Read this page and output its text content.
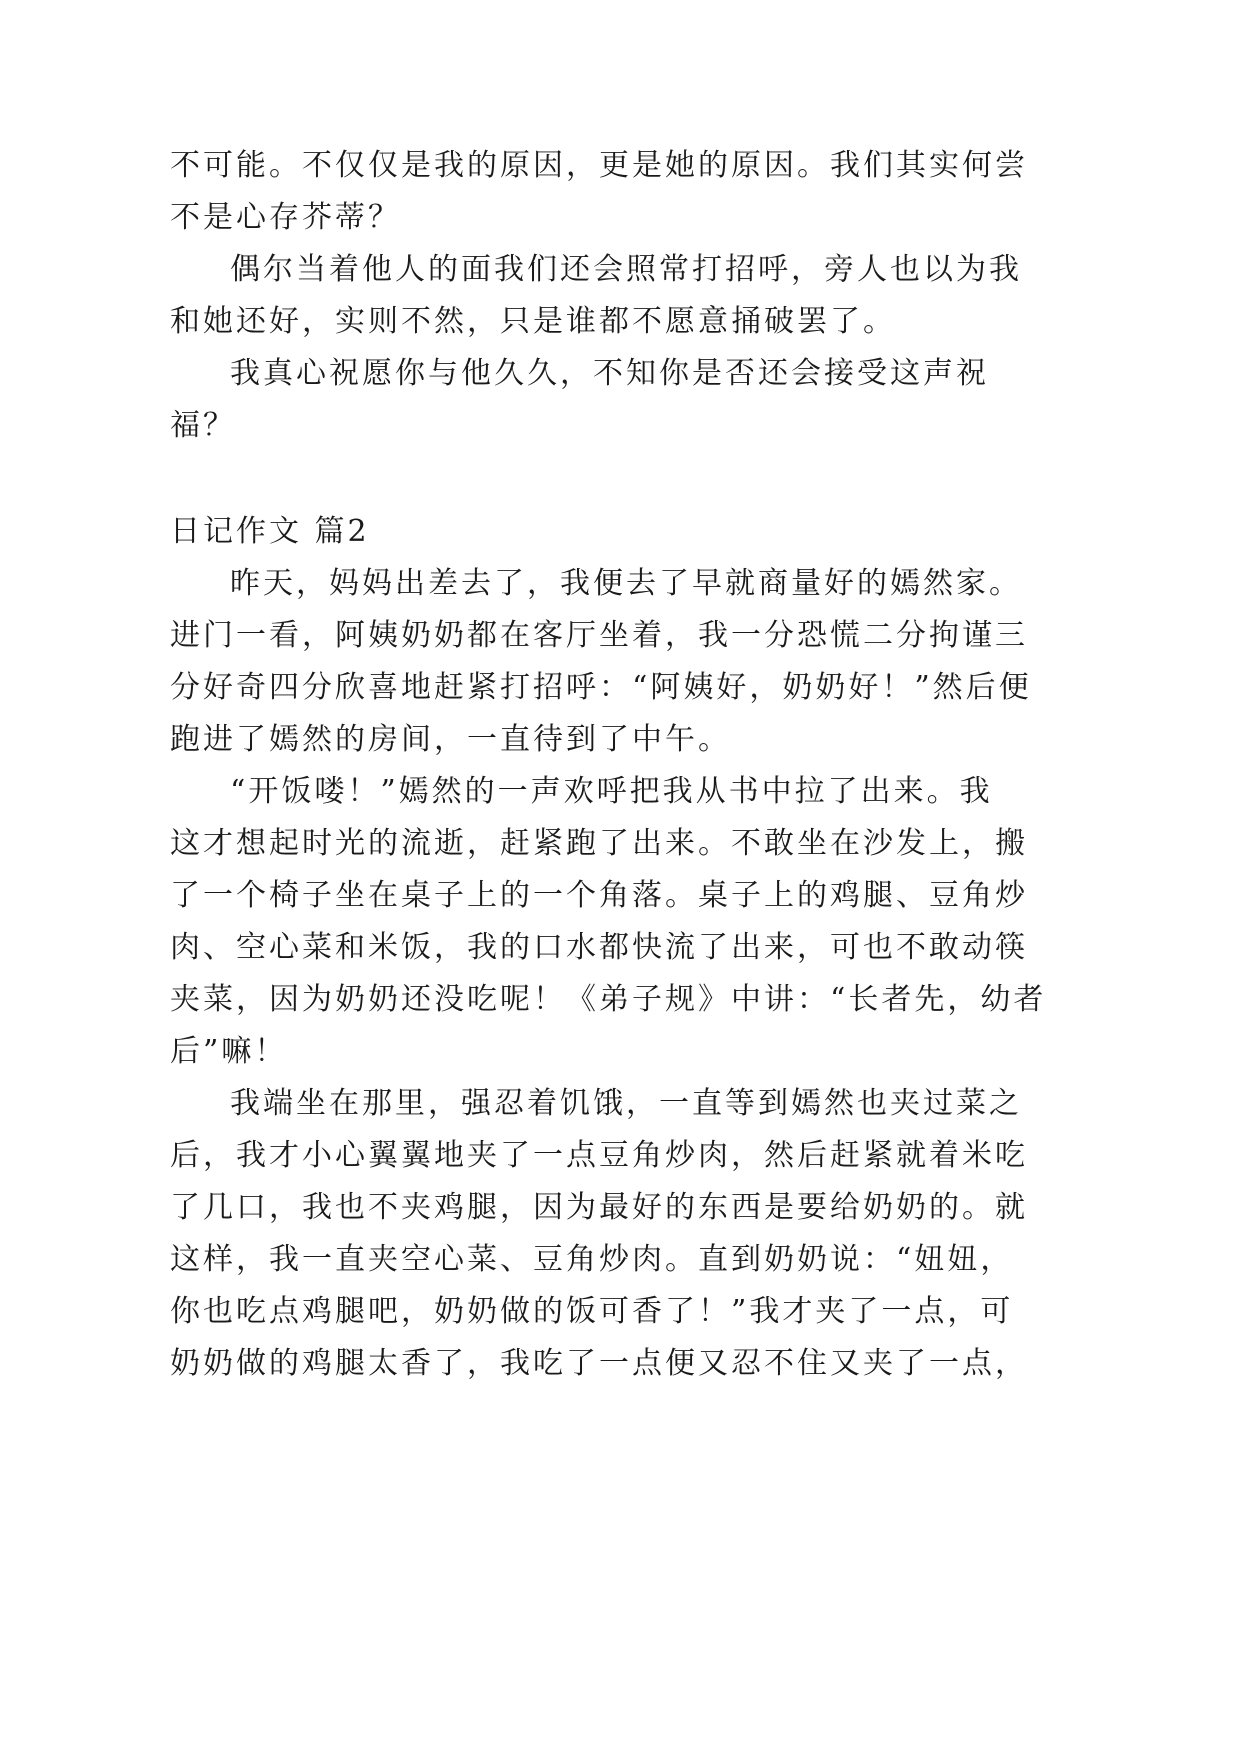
不可能。不仅仅是我的原因，更是她的原因。我们其实何尝
不是心存芥蒂？
偶尔当着他人的面我们还会照常打招呼，旁人也以为我
和她还好，实则不然，只是谁都不愿意捅破罢了。
我真心祝愿你与他久久，不知你是否还会接受这声祝
福？
日记作文 篇2
昨天，妈妈出差去了，我便去了早就商量好的嫣然家。
进门一看，阿姨奶奶都在客厅坐着，我一分恐慌二分拘谨三
分好奇四分欣喜地赶紧打招呼：“阿姨好，奶奶好！”然后便
跑进了嫣然的房间，一直待到了中午。
“开饭喽！”嫣然的一声欢呼把我从书中拉了出来。我
这才想起时光的流逝，赶紧跑了出来。不敢坐在沙发上，搬
了一个椅子坐在桌子上的一个角落。桌子上的鸡腿、豆角炒
肉、空心菜和米饭，我的口水都快流了出来，可也不敢动筷
夹菜，因为奶奶还没吃呢！《弟子规》中讲：“长者先，幼者
后”嘛！
我端坐在那里，强忍着饥饿，一直等到嫣然也夹过菜之
后，我才小心翼翼地夹了一点豆角炒肉，然后赶紧就着米吃
了几口，我也不夹鸡腿，因为最好的东西是要给奶奶的。就
这样，我一直夹空心菜、豆角炒肉。直到奶奶说：“妞妞，
你也吃点鸡腿吧，奶奶做的饭可香了！”我才夹了一点，可
奶奶做的鸡腿太香了，我吃了一点便又忍不住又夹了一点，
